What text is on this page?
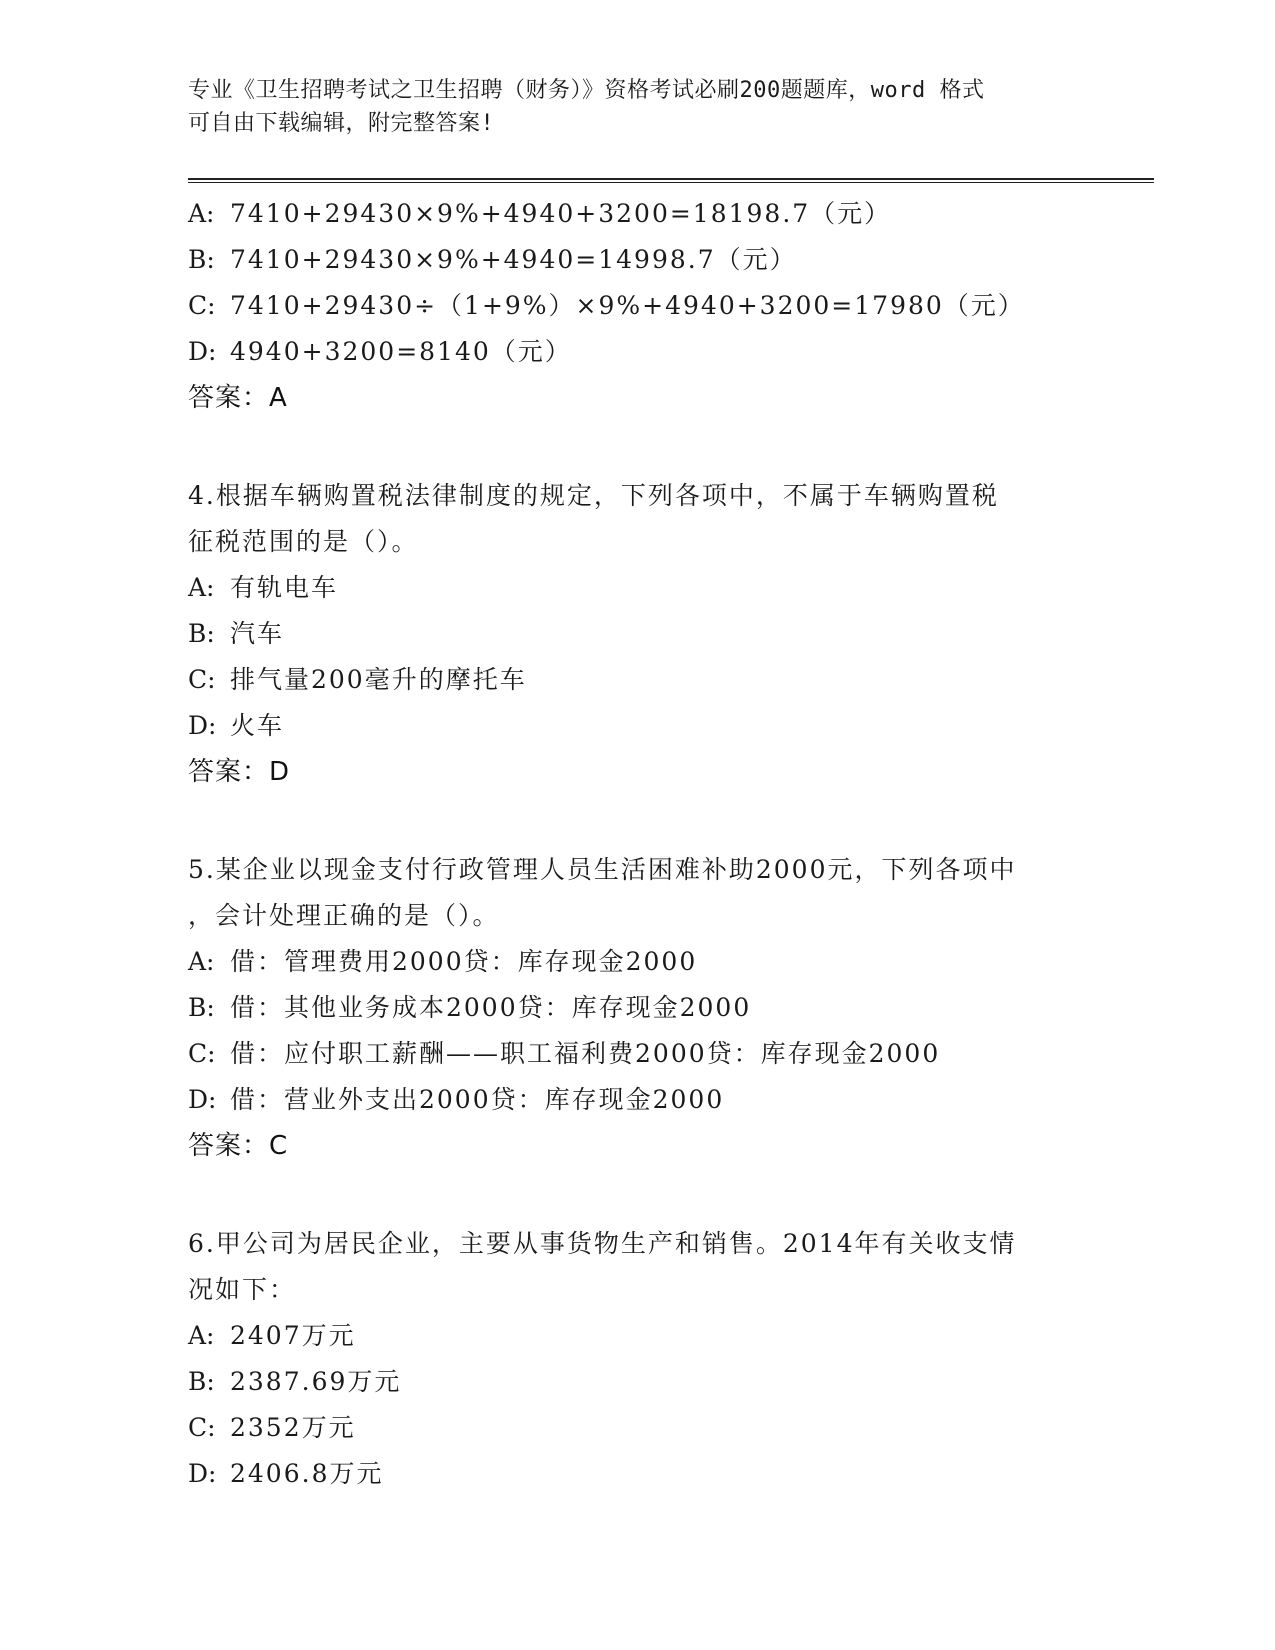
专业《卫生招聘考试之卫生招聘（财务）》资格考试必刷200题题库，word 格式
可自由下载编辑，附完整答案!
A: 7410+29430×9%+4940+3200=18198.7（元）
B: 7410+29430×9%+4940=14998.7（元）
C: 7410+29430÷（1+9%）×9%+4940+3200=17980（元）
D: 4940+3200=8140（元）
答案：A
4.根据车辆购置税法律制度的规定，下列各项中，不属于车辆购置税
征税范围的是（）。
A: 有轨电车
B: 汽车
C: 排气量200毫升的摩托车
D: 火车
答案：D
5.某企业以现金支付行政管理人员生活困难补助2000元，下列各项中
，会计处理正确的是（）。
A: 借：管理费用2000贷：库存现金2000
B: 借：其他业务成本2000贷：库存现金2000
C: 借：应付职工薪酬——职工福利费2000贷：库存现金2000
D: 借：营业外支出2000贷：库存现金2000
答案：C
6.甲公司为居民企业，主要从事货物生产和销售。2014年有关收支情
况如下：
A: 2407万元
B: 2387.69万元
C: 2352万元
D: 2406.8万元
